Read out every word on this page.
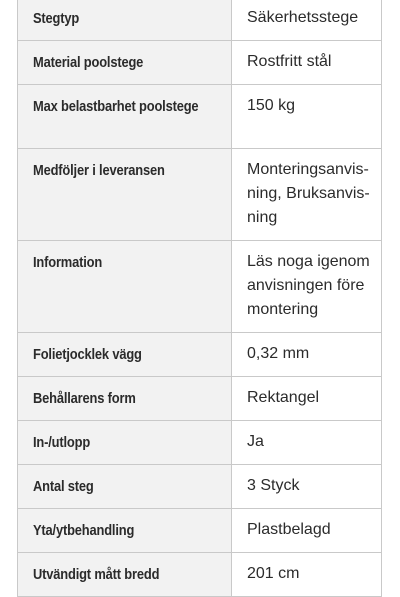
Stegtyp	Säkerhetsstege
Material poolstege	Rostfritt stål
Max belastbarhet poolstege	150 kg
Medföljer i leveransen	Monteringsanvisning, Bruksanvisning
Information	Läs noga igenom anvisningen före montering
Folietjocklek vägg	0,32 mm
Behållarens form	Rektangel
In-/utlopp	Ja
Antal steg	3 Styck
Yta/ytbehandling	Plastbelagd
Utvändigt mått bredd	201 cm
